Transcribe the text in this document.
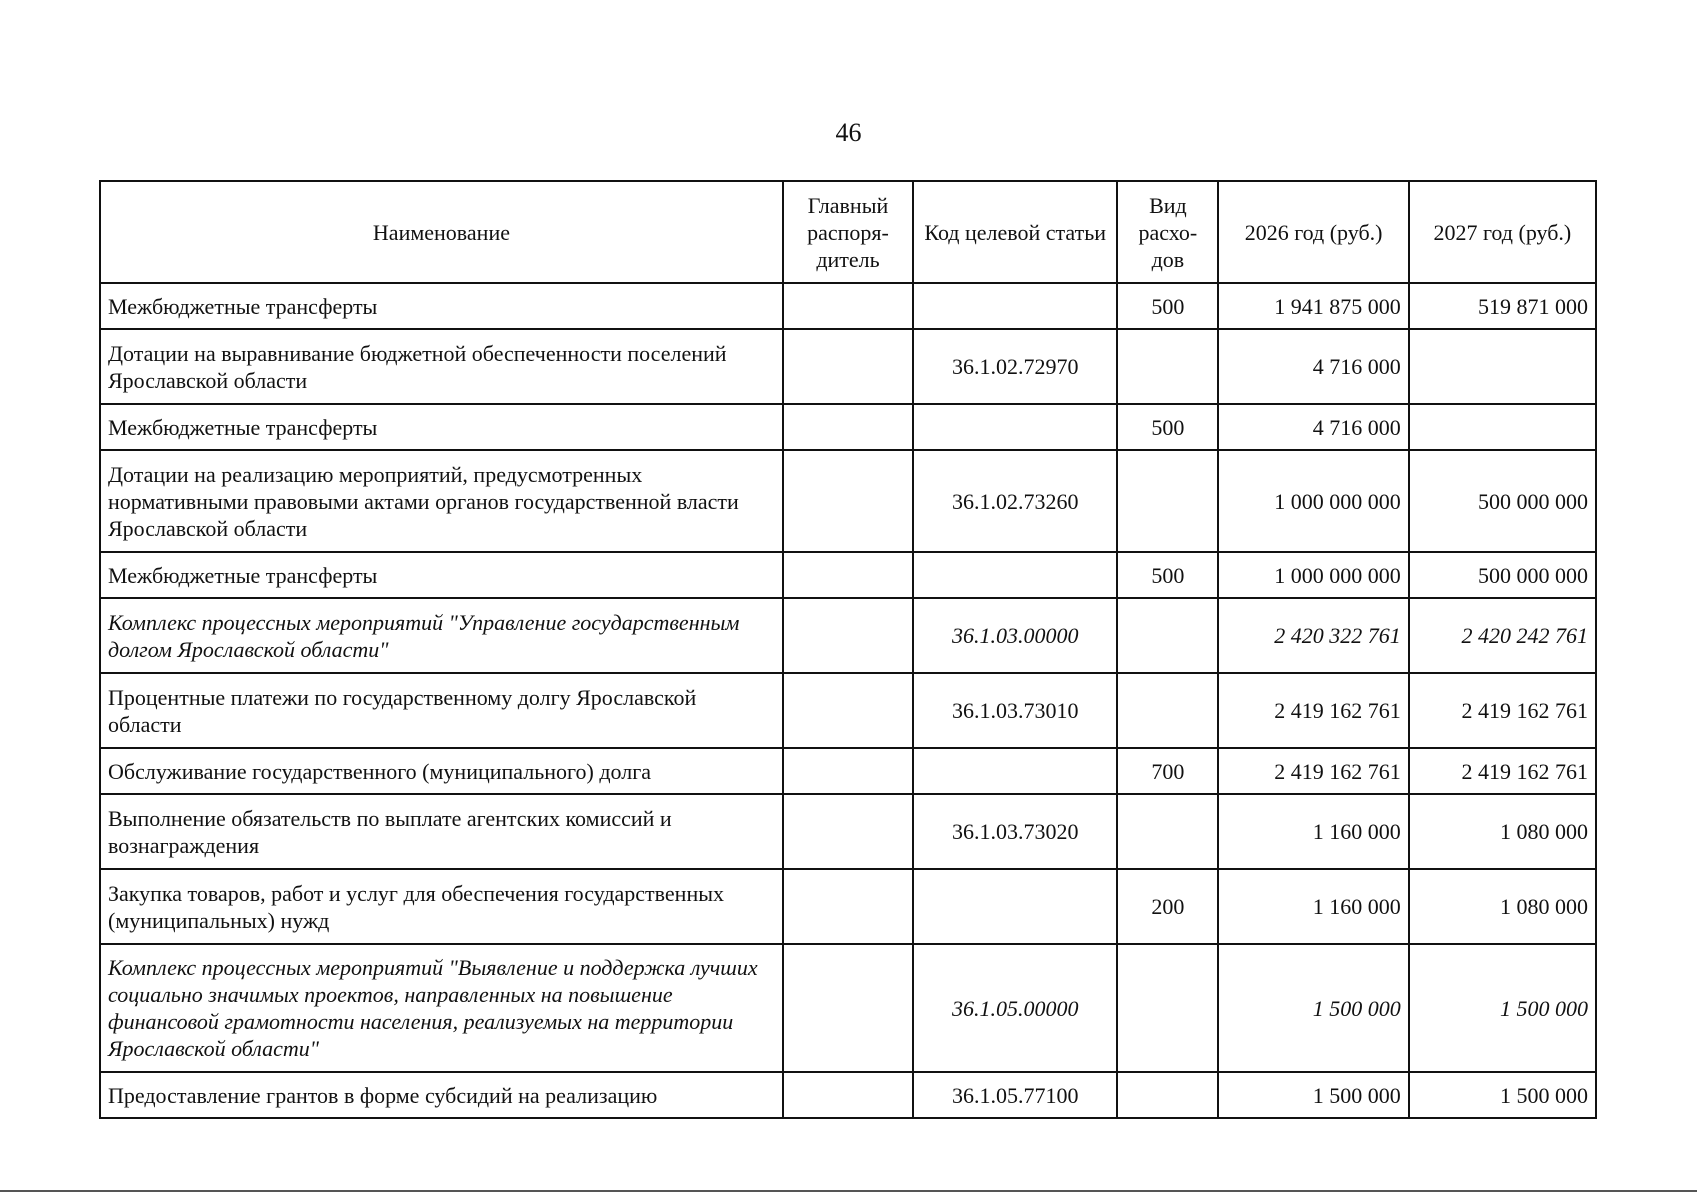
46
Наименование	Главный распоря-дитель	Код целевой статьи	Вид расхо-дов	2026 год (руб.)	2027 год (руб.)
Межбюджетные трансферты			500	1 941 875 000	519 871 000
Дотации на выравнивание бюджетной обеспеченности поселений Ярославской области		36.1.02.72970		4 716 000	
Межбюджетные трансферты			500	4 716 000	
Дотации на реализацию мероприятий, предусмотренных нормативными правовыми актами органов государственной власти Ярославской области		36.1.02.73260		1 000 000 000	500 000 000
Межбюджетные трансферты			500	1 000 000 000	500 000 000
Комплекс процессных мероприятий "Управление государственным долгом Ярославской области"		36.1.03.00000		2 420 322 761	2 420 242 761
Процентные платежи по государственному долгу Ярославской области		36.1.03.73010		2 419 162 761	2 419 162 761
Обслуживание государственного (муниципального) долга			700	2 419 162 761	2 419 162 761
Выполнение обязательств по выплате агентских комиссий и вознаграждения		36.1.03.73020		1 160 000	1 080 000
Закупка товаров, работ и услуг для обеспечения государственных (муниципальных) нужд			200	1 160 000	1 080 000
Комплекс процессных мероприятий "Выявление и поддержка лучших социально значимых проектов, направленных на повышение финансовой грамотности населения, реализуемых на территории Ярославской области"		36.1.05.00000		1 500 000	1 500 000
Предоставление грантов в форме субсидий на реализацию		36.1.05.77100		1 500 000	1 500 000
